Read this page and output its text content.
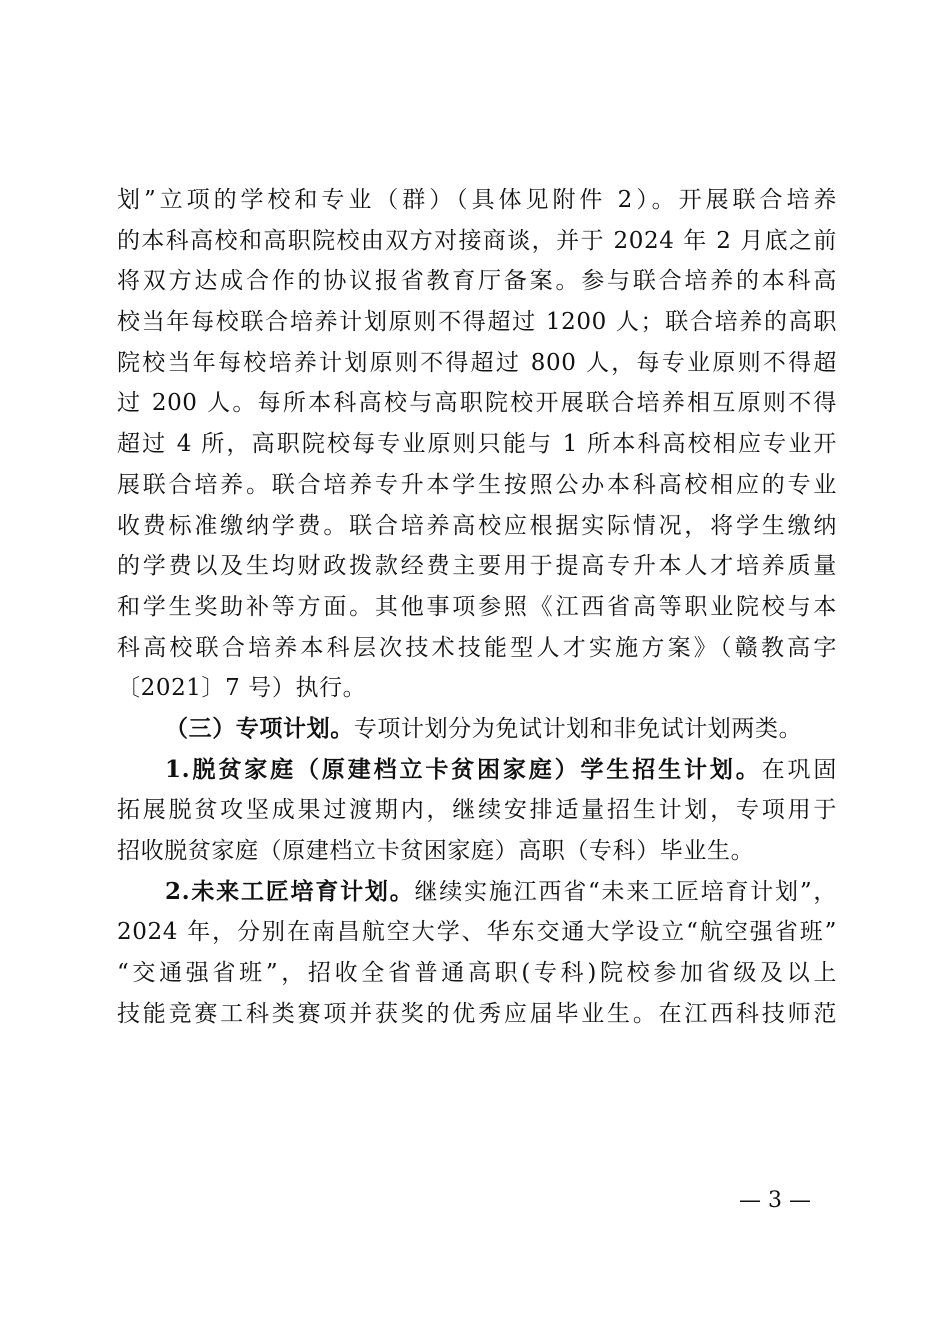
划”立项的学校和专业（群）（具体见附件 2）。开展联合培养
的本科高校和高职院校由双方对接商谈，并于 2024 年 2 月底之前
将双方达成合作的协议报省教育厅备案。参与联合培养的本科高
校当年每校联合培养计划原则不得超过 1200 人；联合培养的高职
院校当年每校培养计划原则不得超过 800 人，每专业原则不得超
过 200 人。每所本科高校与高职院校开展联合培养相互原则不得
超过 4 所，高职院校每专业原则只能与 1 所本科高校相应专业开
展联合培养。联合培养专升本学生按照公办本科高校相应的专业
收费标准缴纳学费。联合培养高校应根据实际情况，将学生缴纳
的学费以及生均财政拨款经费主要用于提高专升本人才培养质量
和学生奖助补等方面。其他事项参照《江西省高等职业院校与本
科高校联合培养本科层次技术技能型人才实施方案》（赣教高字
〔2021〕7 号）执行。
（三）专项计划。专项计划分为免试计划和非免试计划两类。
1.脱贫家庭（原建档立卡贫困家庭）学生招生计划。在巩固
拓展脱贫攻坚成果过渡期内，继续安排适量招生计划，专项用于
招收脱贫家庭（原建档立卡贫困家庭）高职（专科）毕业生。
2.未来工匠培育计划。继续实施江西省“未来工匠培育计划”，
2024 年，分别在南昌航空大学、华东交通大学设立“航空强省班”
“交通强省班”，招收全省普通高职(专科)院校参加省级及以上
技能竞赛工科类赛项并获奖的优秀应届毕业生。在江西科技师范
— 3 —
